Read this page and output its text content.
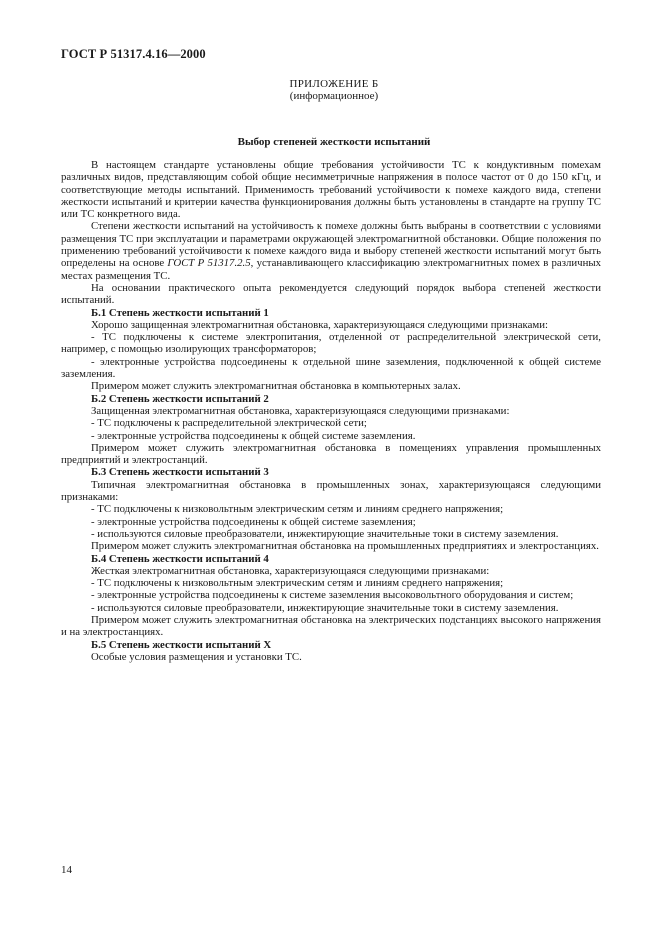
ГОСТ Р 51317.4.16—2000
ПРИЛОЖЕНИЕ Б
(информационное)
Выбор степеней жесткости испытаний

В настоящем стандарте установлены общие требования устойчивости ТС к кондуктивным помехам различных видов, представляющим собой общие несимметричные напряжения в полосе частот от 0 до 150 кГц, и соответствующие методы испытаний. Применимость требований устойчивости к помехе каждого вида, степени жесткости испытаний и критерии качества функционирования должны быть установлены в стандарте на группу ТС или ТС конкретного вида.

Степени жесткости испытаний на устойчивость к помехе должны быть выбраны в соответствии с условиями размещения ТС при эксплуатации и параметрами окружающей электромагнитной обстановки. Общие положения по применению требований устойчивости к помехе каждого вида и выбору степеней жесткости испытаний могут быть определены на основе ГОСТ Р 51317.2.5, устанавливающего классификацию электромагнитных помех в различных местах размещения ТС.

На основании практического опыта рекомендуется следующий порядок выбора степеней жесткости испытаний.

Б.1 Степень жесткости испытаний 1

Хорошо защищенная электромагнитная обстановка, характеризующаяся следующими признаками:

- ТС подключены к системе электропитания, отделенной от распределительной электрической сети, например, с помощью изолирующих трансформаторов;

- электронные устройства подсоединены к отдельной шине заземления, подключенной к общей системе заземления.

Примером может служить электромагнитная обстановка в компьютерных залах.

Б.2 Степень жесткости испытаний 2

Защищенная электромагнитная обстановка, характеризующаяся следующими признаками:

- ТС подключены к распределительной электрической сети;

- электронные устройства подсоединены к общей системе заземления.

Примером может служить электромагнитная обстановка в помещениях управления промышленных предприятий и электростанций.

Б.3 Степень жесткости испытаний 3

Типичная электромагнитная обстановка в промышленных зонах, характеризующаяся следующими признаками:

- ТС подключены к низковольтным электрическим сетям и линиям среднего напряжения;

- электронные устройства подсоединены к общей системе заземления;

- используются силовые преобразователи, инжектирующие значительные токи в систему заземления.

Примером может служить электромагнитная обстановка на промышленных предприятиях и электростанциях.

Б.4 Степень жесткости испытаний 4

Жесткая электромагнитная обстановка, характеризующаяся следующими признаками:

- ТС подключены к низковольтным электрическим сетям и линиям среднего напряжения;

- электронные устройства подсоединены к системе заземления высоковольтного оборудования и систем;

- используются силовые преобразователи, инжектирующие значительные токи в систему заземления.

Примером может служить электромагнитная обстановка на электрических подстанциях высокого напряжения и на электростанциях.

Б.5 Степень жесткости испытаний Х

Особые условия размещения и установки ТС.

14
